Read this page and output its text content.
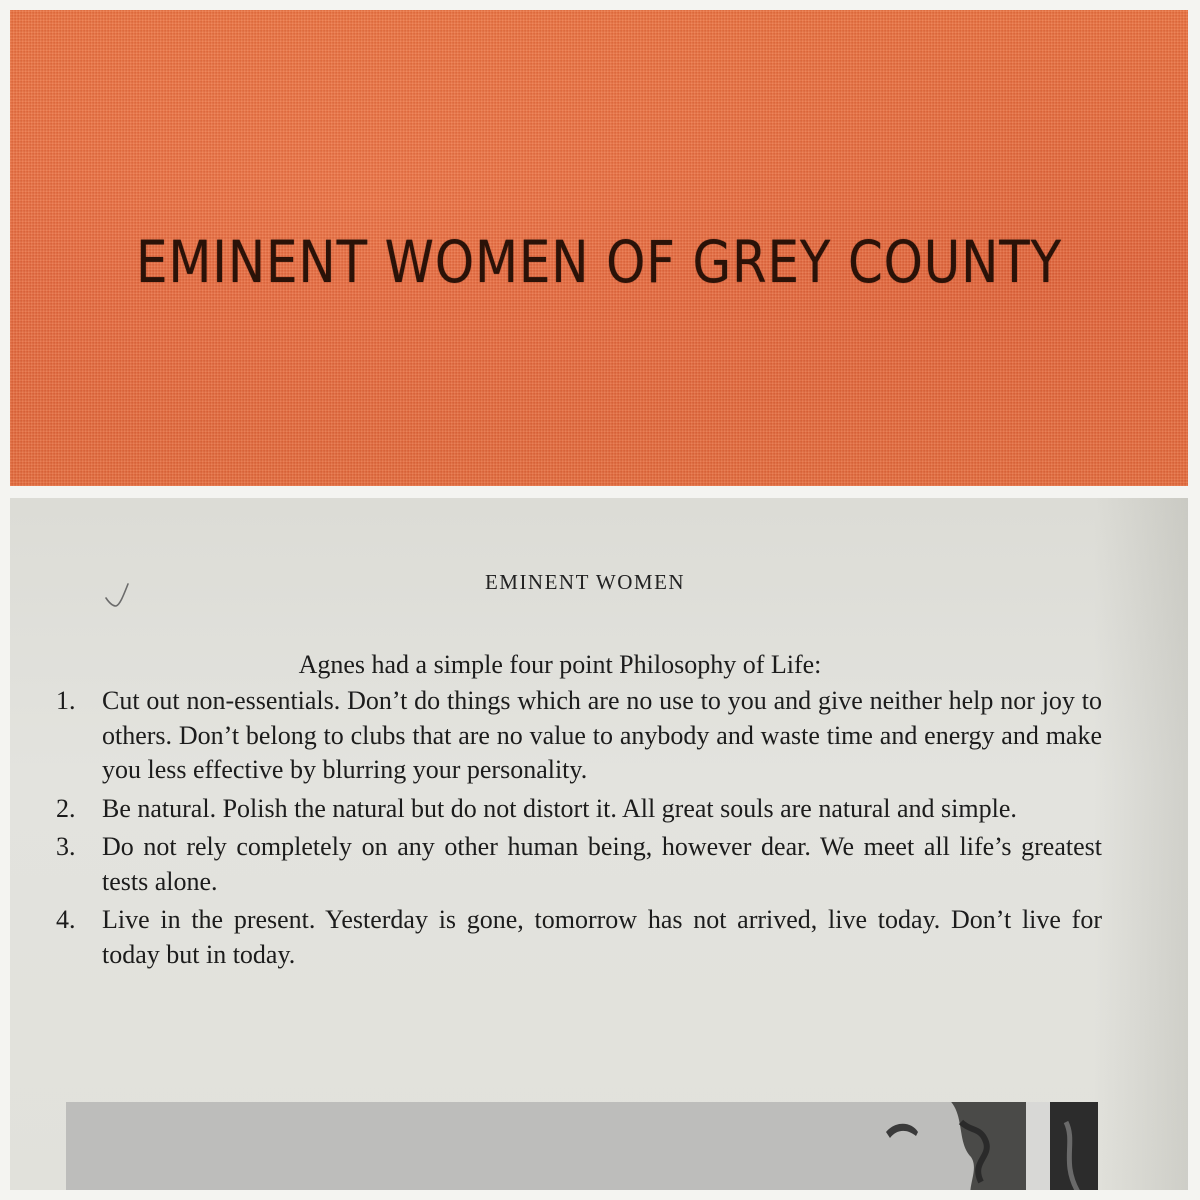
EMINENT WOMEN OF GREY COUNTY
EMINENT WOMEN
Agnes had a simple four point Philosophy of Life:
1. Cut out non-essentials. Don’t do things which are no use to you and give neither help nor joy to others. Don’t belong to clubs that are no value to anybody and waste time and energy and make you less effective by blurring your personality.
2. Be natural. Polish the natural but do not distort it. All great souls are natural and simple.
3. Do not rely completely on any other human being, however dear. We meet all life’s greatest tests alone.
4. Live in the present. Yesterday is gone, tomorrow has not arrived, live today. Don’t live for today but in today.
